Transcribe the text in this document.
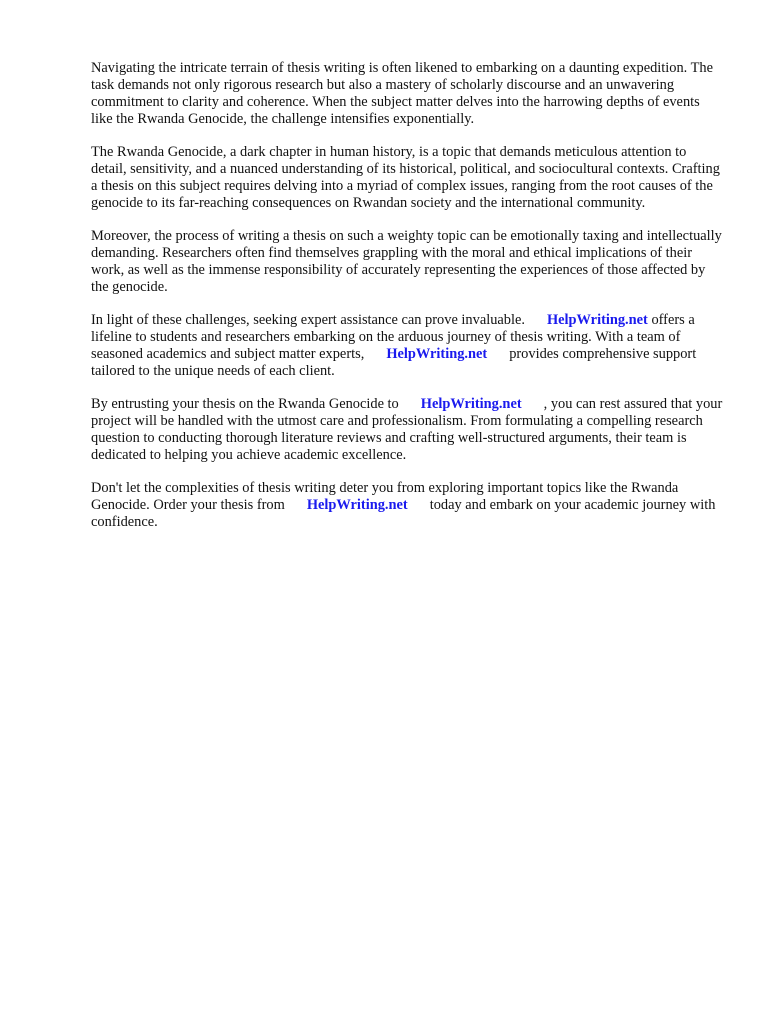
Navigating the intricate terrain of thesis writing is often likened to embarking on a daunting expedition. The task demands not only rigorous research but also a mastery of scholarly discourse and an unwavering commitment to clarity and coherence. When the subject matter delves into the harrowing depths of events like the Rwanda Genocide, the challenge intensifies exponentially.

The Rwanda Genocide, a dark chapter in human history, is a topic that demands meticulous attention to detail, sensitivity, and a nuanced understanding of its historical, political, and sociocultural contexts. Crafting a thesis on this subject requires delving into a myriad of complex issues, ranging from the root causes of the genocide to its far-reaching consequences on Rwandan society and the international community.

Moreover, the process of writing a thesis on such a weighty topic can be emotionally taxing and intellectually demanding. Researchers often find themselves grappling with the moral and ethical implications of their work, as well as the immense responsibility of accurately representing the experiences of those affected by the genocide.

In light of these challenges, seeking expert assistance can prove invaluable. HelpWriting.net offers a lifeline to students and researchers embarking on the arduous journey of thesis writing. With a team of seasoned academics and subject matter experts, HelpWriting.net provides comprehensive support tailored to the unique needs of each client.

By entrusting your thesis on the Rwanda Genocide to HelpWriting.net , you can rest assured that your project will be handled with the utmost care and professionalism. From formulating a compelling research question to conducting thorough literature reviews and crafting well-structured arguments, their team is dedicated to helping you achieve academic excellence.

Don't let the complexities of thesis writing deter you from exploring important topics like the Rwanda Genocide. Order your thesis from HelpWriting.net today and embark on your academic journey with confidence.
